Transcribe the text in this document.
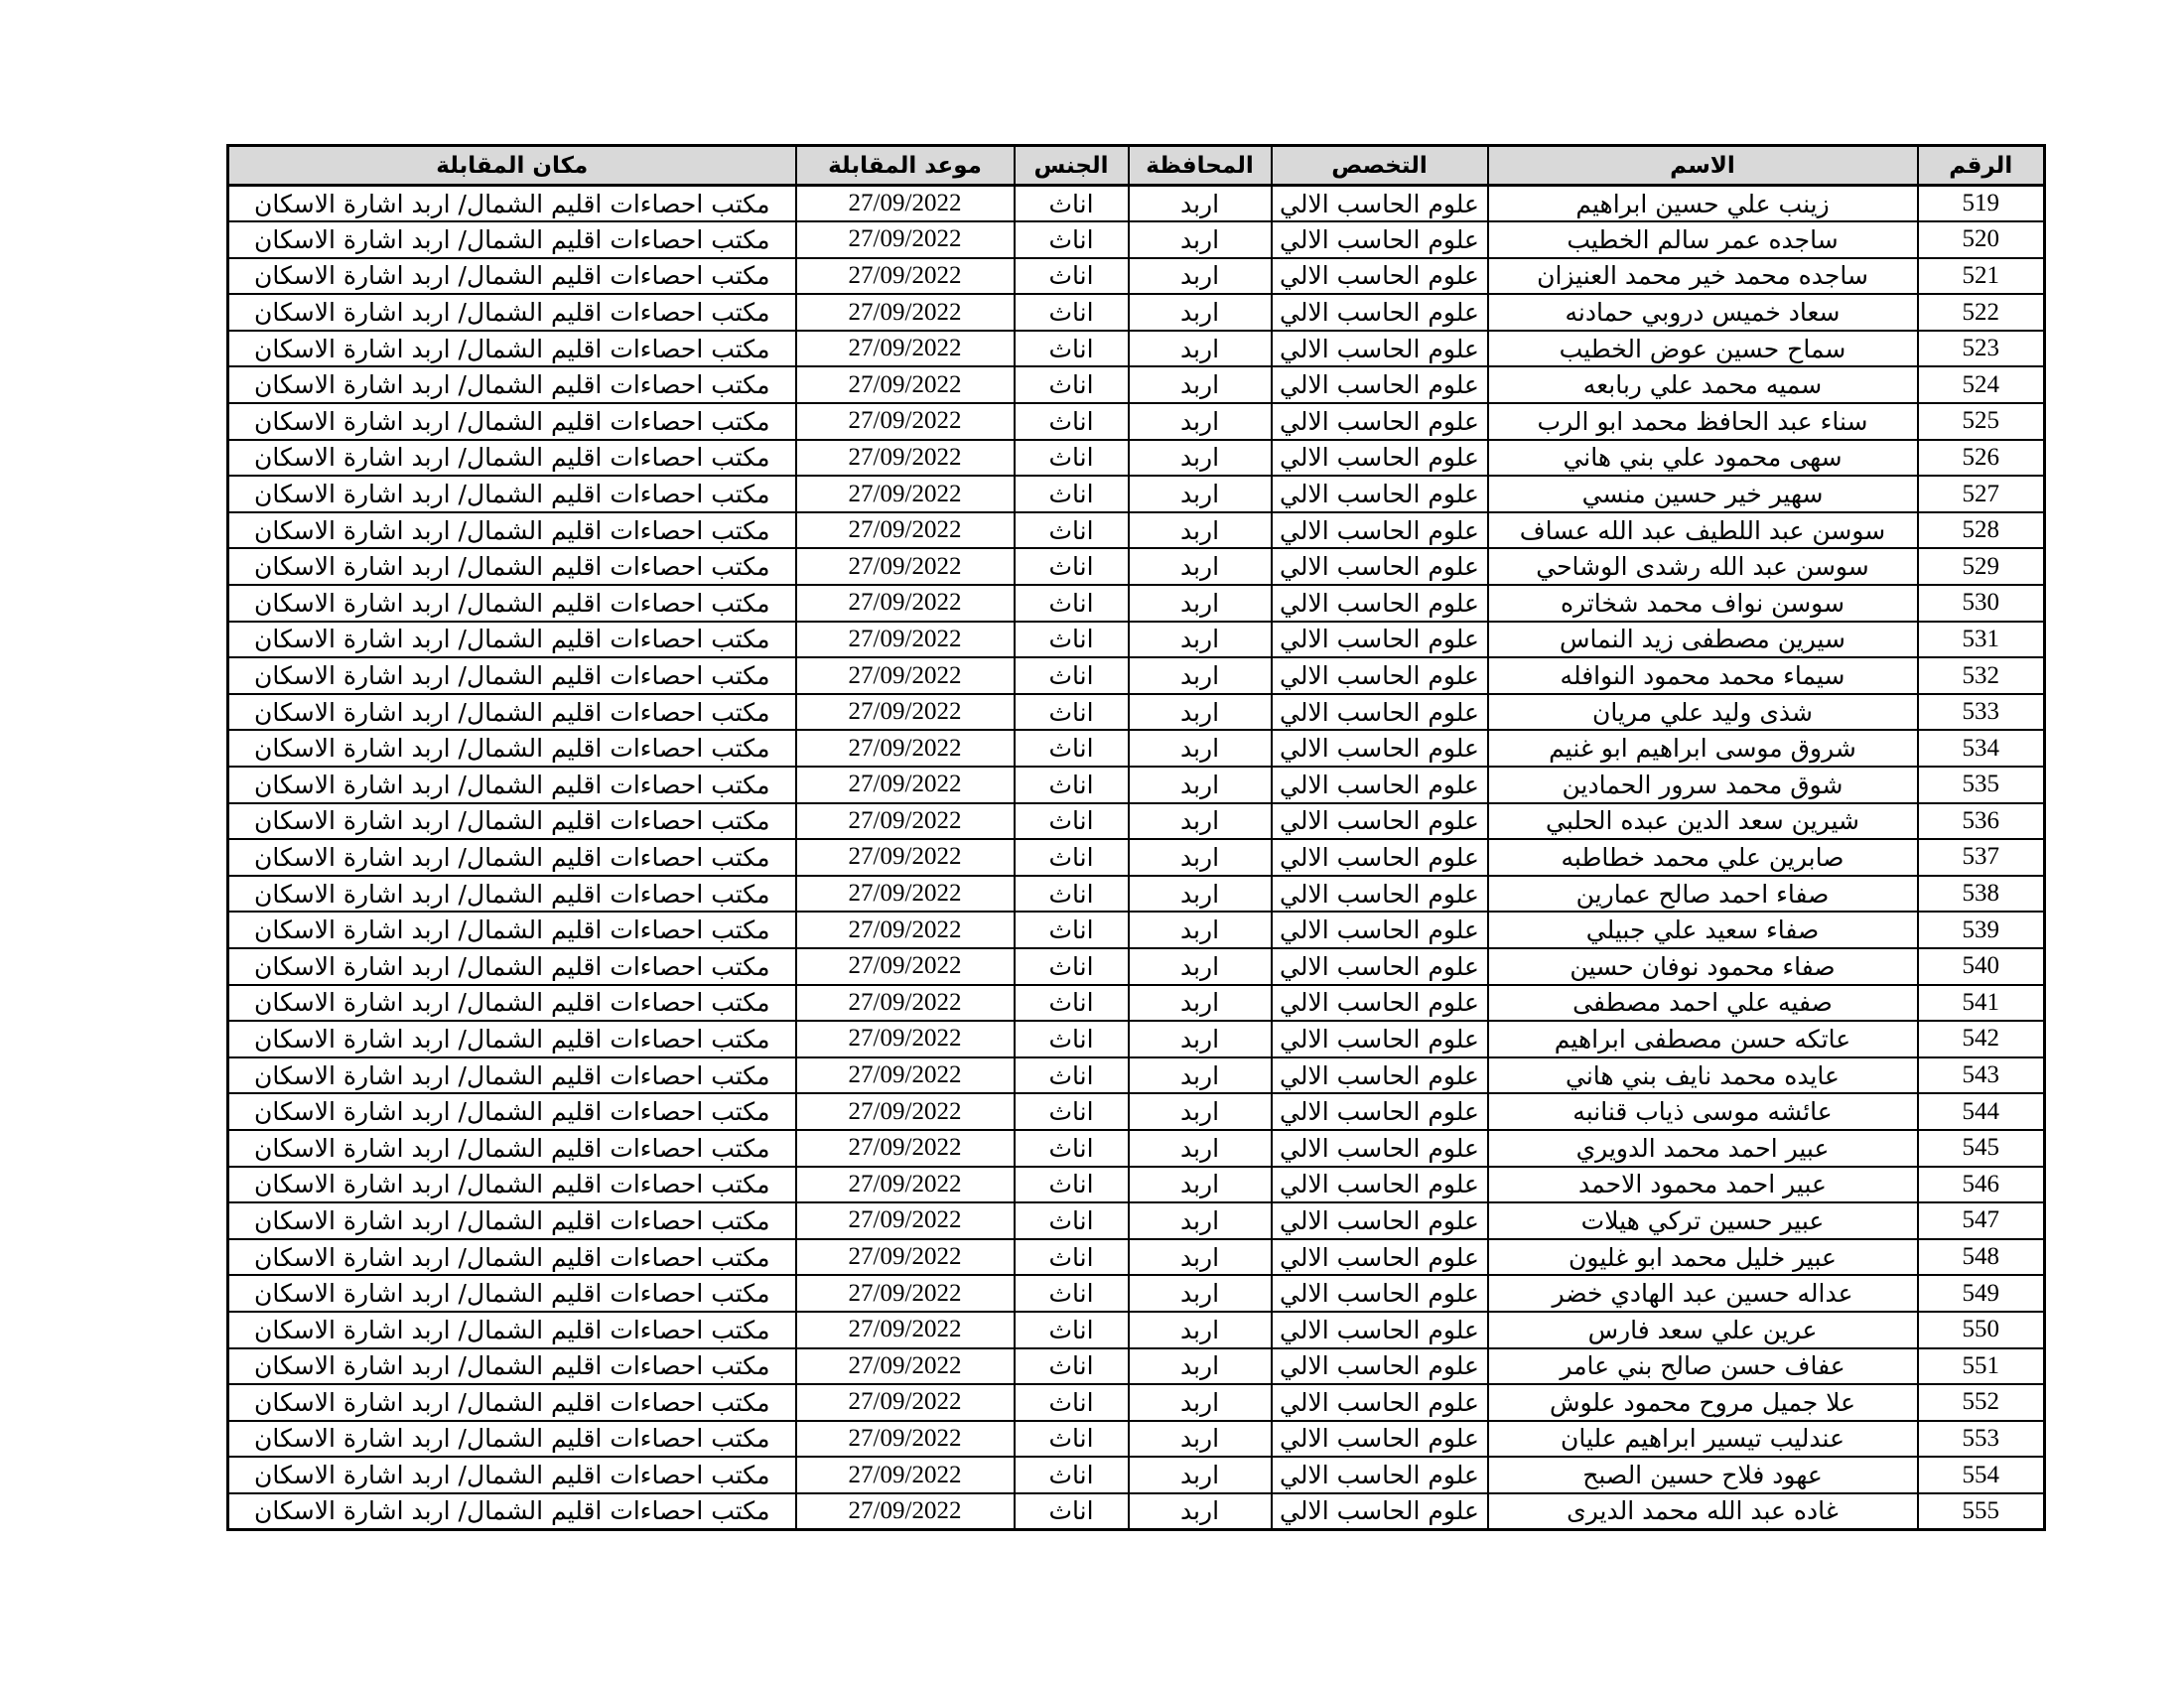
الرقم	الاسم	التخصص	المحافظة	الجنس	موعد المقابلة	مكان المقابلة
519	زينب علي حسين ابراهيم	علوم الحاسب الالي	اربد	اناث	27/09/2022	مكتب احصاءات اقليم الشمال/ اربد اشارة الاسكان
520	ساجده عمر سالم الخطيب	علوم الحاسب الالي	اربد	اناث	27/09/2022	مكتب احصاءات اقليم الشمال/ اربد اشارة الاسكان
521	ساجده محمد خير محمد العنيزان	علوم الحاسب الالي	اربد	اناث	27/09/2022	مكتب احصاءات اقليم الشمال/ اربد اشارة الاسكان
522	سعاد خميس دروبي حمادنه	علوم الحاسب الالي	اربد	اناث	27/09/2022	مكتب احصاءات اقليم الشمال/ اربد اشارة الاسكان
523	سماح حسين عوض الخطيب	علوم الحاسب الالي	اربد	اناث	27/09/2022	مكتب احصاءات اقليم الشمال/ اربد اشارة الاسكان
524	سميه محمد علي ربابعه	علوم الحاسب الالي	اربد	اناث	27/09/2022	مكتب احصاءات اقليم الشمال/ اربد اشارة الاسكان
525	سناء عبد الحافظ محمد ابو الرب	علوم الحاسب الالي	اربد	اناث	27/09/2022	مكتب احصاءات اقليم الشمال/ اربد اشارة الاسكان
526	سهى محمود علي بني هاني	علوم الحاسب الالي	اربد	اناث	27/09/2022	مكتب احصاءات اقليم الشمال/ اربد اشارة الاسكان
527	سهير خير حسين منسي	علوم الحاسب الالي	اربد	اناث	27/09/2022	مكتب احصاءات اقليم الشمال/ اربد اشارة الاسكان
528	سوسن عبد اللطيف عبد الله عساف	علوم الحاسب الالي	اربد	اناث	27/09/2022	مكتب احصاءات اقليم الشمال/ اربد اشارة الاسكان
529	سوسن عبد الله رشدى الوشاحي	علوم الحاسب الالي	اربد	اناث	27/09/2022	مكتب احصاءات اقليم الشمال/ اربد اشارة الاسكان
530	سوسن نواف محمد شخاتره	علوم الحاسب الالي	اربد	اناث	27/09/2022	مكتب احصاءات اقليم الشمال/ اربد اشارة الاسكان
531	سيرين مصطفى زيد النماس	علوم الحاسب الالي	اربد	اناث	27/09/2022	مكتب احصاءات اقليم الشمال/ اربد اشارة الاسكان
532	سيماء محمد محمود النوافله	علوم الحاسب الالي	اربد	اناث	27/09/2022	مكتب احصاءات اقليم الشمال/ اربد اشارة الاسكان
533	شذى وليد علي مريان	علوم الحاسب الالي	اربد	اناث	27/09/2022	مكتب احصاءات اقليم الشمال/ اربد اشارة الاسكان
534	شروق موسى ابراهيم ابو غنيم	علوم الحاسب الالي	اربد	اناث	27/09/2022	مكتب احصاءات اقليم الشمال/ اربد اشارة الاسكان
535	شوق محمد سرور الحمادين	علوم الحاسب الالي	اربد	اناث	27/09/2022	مكتب احصاءات اقليم الشمال/ اربد اشارة الاسكان
536	شيرين سعد الدين عبده الحلبي	علوم الحاسب الالي	اربد	اناث	27/09/2022	مكتب احصاءات اقليم الشمال/ اربد اشارة الاسكان
537	صابرين علي محمد خطاطبه	علوم الحاسب الالي	اربد	اناث	27/09/2022	مكتب احصاءات اقليم الشمال/ اربد اشارة الاسكان
538	صفاء احمد صالح عمارين	علوم الحاسب الالي	اربد	اناث	27/09/2022	مكتب احصاءات اقليم الشمال/ اربد اشارة الاسكان
539	صفاء سعيد علي جبيلي	علوم الحاسب الالي	اربد	اناث	27/09/2022	مكتب احصاءات اقليم الشمال/ اربد اشارة الاسكان
540	صفاء محمود نوفان حسين	علوم الحاسب الالي	اربد	اناث	27/09/2022	مكتب احصاءات اقليم الشمال/ اربد اشارة الاسكان
541	صفيه علي احمد مصطفى	علوم الحاسب الالي	اربد	اناث	27/09/2022	مكتب احصاءات اقليم الشمال/ اربد اشارة الاسكان
542	عاتكه حسن مصطفى ابراهيم	علوم الحاسب الالي	اربد	اناث	27/09/2022	مكتب احصاءات اقليم الشمال/ اربد اشارة الاسكان
543	عايده محمد نايف بني هاني	علوم الحاسب الالي	اربد	اناث	27/09/2022	مكتب احصاءات اقليم الشمال/ اربد اشارة الاسكان
544	عائشه موسى ذياب قنانبه	علوم الحاسب الالي	اربد	اناث	27/09/2022	مكتب احصاءات اقليم الشمال/ اربد اشارة الاسكان
545	عبير احمد محمد الدويري	علوم الحاسب الالي	اربد	اناث	27/09/2022	مكتب احصاءات اقليم الشمال/ اربد اشارة الاسكان
546	عبير احمد محمود الاحمد	علوم الحاسب الالي	اربد	اناث	27/09/2022	مكتب احصاءات اقليم الشمال/ اربد اشارة الاسكان
547	عبير حسين تركي هيلات	علوم الحاسب الالي	اربد	اناث	27/09/2022	مكتب احصاءات اقليم الشمال/ اربد اشارة الاسكان
548	عبير خليل محمد ابو غليون	علوم الحاسب الالي	اربد	اناث	27/09/2022	مكتب احصاءات اقليم الشمال/ اربد اشارة الاسكان
549	عداله حسين عبد الهادي خضر	علوم الحاسب الالي	اربد	اناث	27/09/2022	مكتب احصاءات اقليم الشمال/ اربد اشارة الاسكان
550	عرين علي سعد فارس	علوم الحاسب الالي	اربد	اناث	27/09/2022	مكتب احصاءات اقليم الشمال/ اربد اشارة الاسكان
551	عفاف حسن صالح بني عامر	علوم الحاسب الالي	اربد	اناث	27/09/2022	مكتب احصاءات اقليم الشمال/ اربد اشارة الاسكان
552	علا جميل مروح محمود علوش	علوم الحاسب الالي	اربد	اناث	27/09/2022	مكتب احصاءات اقليم الشمال/ اربد اشارة الاسكان
553	عندليب تيسير ابراهيم عليان	علوم الحاسب الالي	اربد	اناث	27/09/2022	مكتب احصاءات اقليم الشمال/ اربد اشارة الاسكان
554	عهود فلاح حسين الصبح	علوم الحاسب الالي	اربد	اناث	27/09/2022	مكتب احصاءات اقليم الشمال/ اربد اشارة الاسكان
555	غاده عبد الله محمد الديرى	علوم الحاسب الالي	اربد	اناث	27/09/2022	مكتب احصاءات اقليم الشمال/ اربد اشارة الاسكان
